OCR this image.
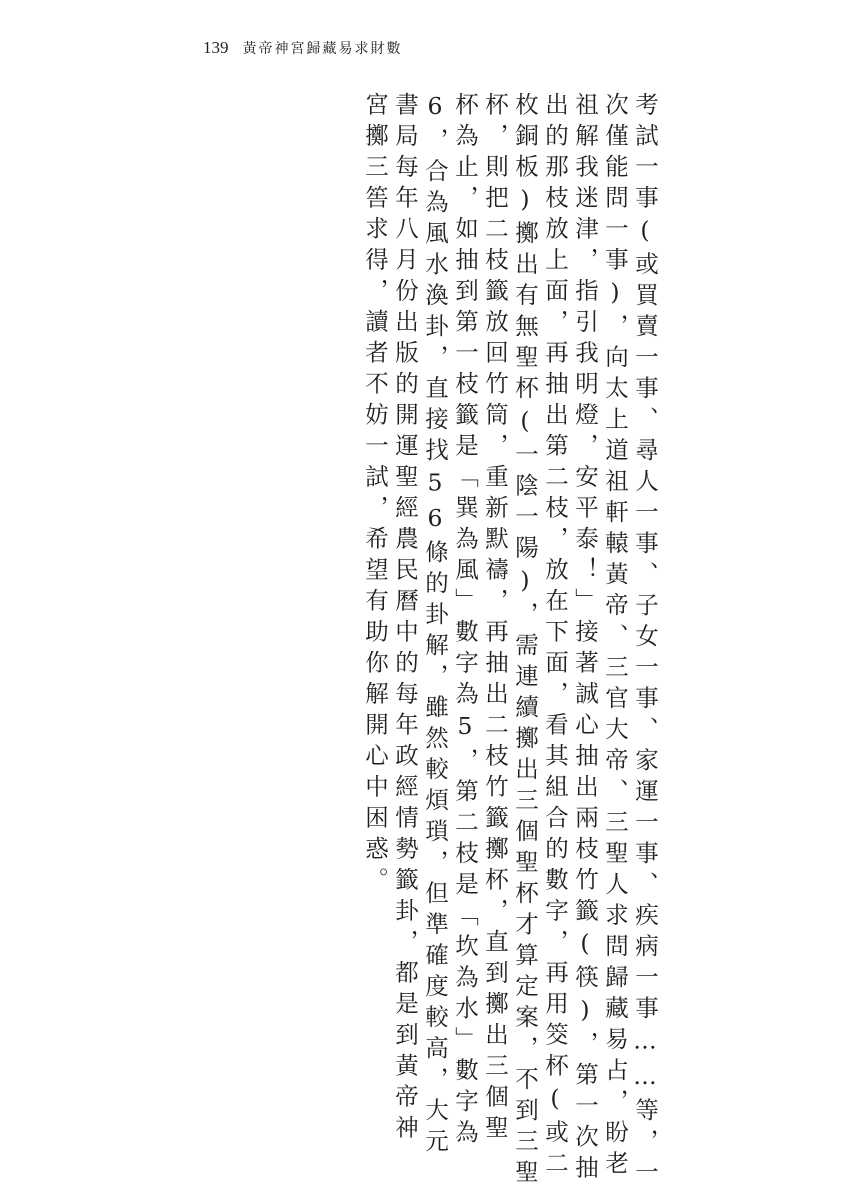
139 黃帝神宮歸藏易求財數
考試一事(或買賣一事、尋人一事、子女一事、家運一事、疾病一事……等，一
次僅能問一事)，向太上道祖軒轅黃帝、三官大帝、三聖人求問歸藏易占，盼老
祖解我迷津，指引我明燈，安平泰！」接著誠心抽出兩枝竹籤(筷)，第一次抽
出的那枝放上面，再抽出第二枝，放在下面，看其組合的數字，再用筊杯(或二
枚銅板)擲出有無聖杯(一陰一陽)，需連續擲出三個聖杯才算定案，不到三聖
杯，則把二枝籤放回竹筒，重新默禱，再抽出二枝竹籤擲杯，直到擲出三個聖
杯為止，如抽到第一枝籤是「巽為風」數字為5，第二枝是「坎為水」數字為
6，合為風水渙卦，直接找56條的卦解，雖然較煩瑣，但準確度較高，大元
書局每年八月份出版的開運聖經農民曆中的每年政經情勢籤卦，都是到黃帝神
宮擲三筶求得，讀者不妨一試，希望有助你解開心中困惑。
